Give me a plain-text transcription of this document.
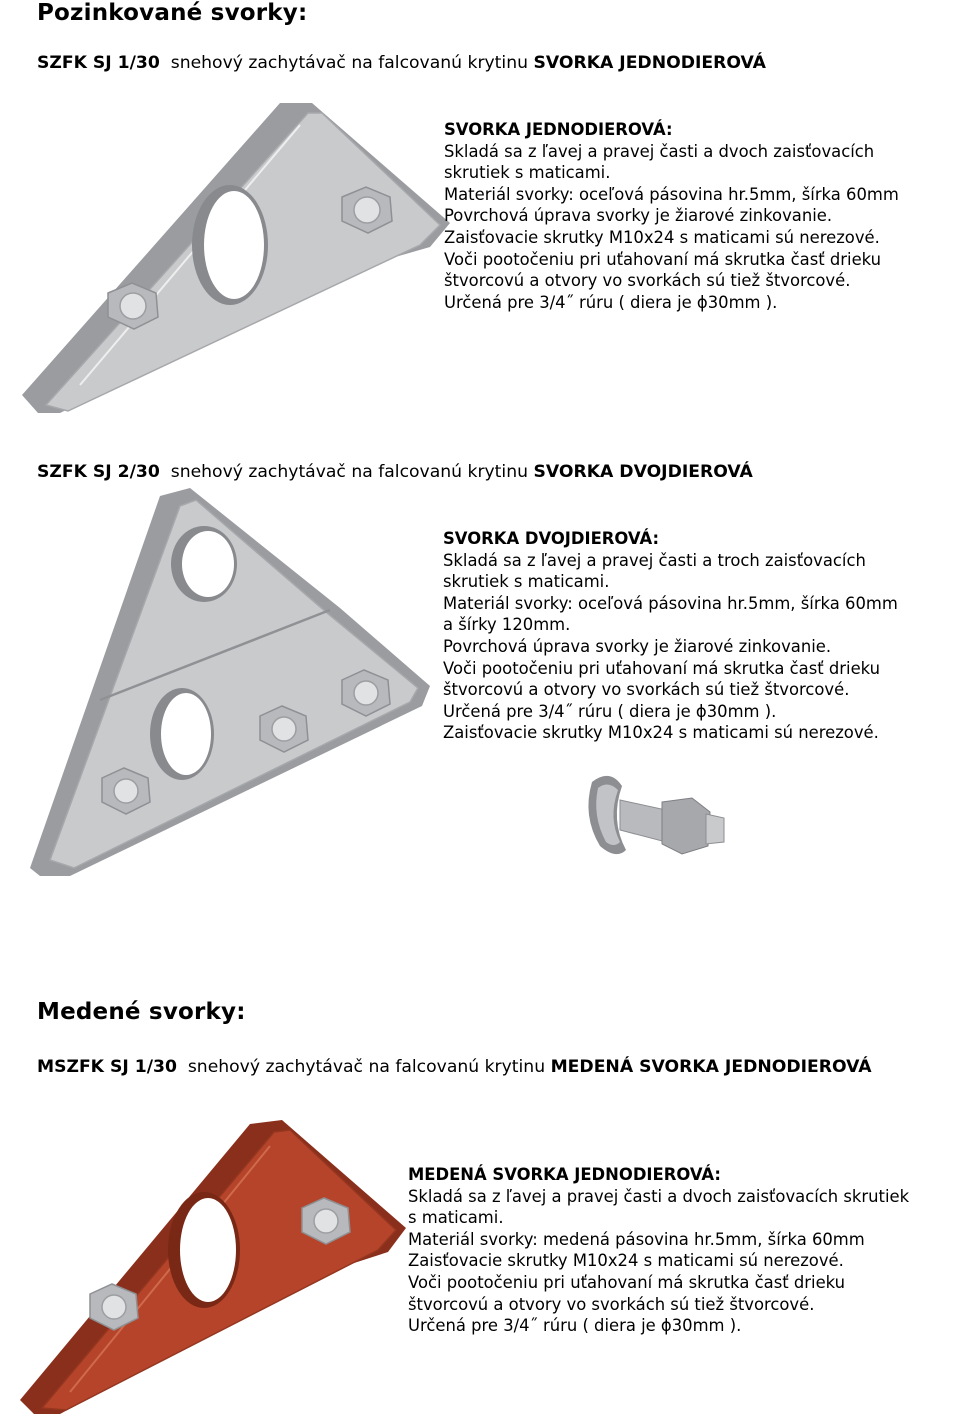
Pozinkované svorky:
SZFK SJ 1/30 snehový zachytávač na falcovanú krytinu SVORKA JEDNODIEROVÁ
SVORKA JEDNODIEROVÁ:
Skladá sa z ľavej a pravej časti a dvoch zaisťovacích
skrutiek s maticami.
Materiál svorky: oceľová pásovina hr.5mm, šírka 60mm
Povrchová úprava svorky je žiarové zinkovanie.
Zaisťovacie skrutky M10x24 s maticami sú nerezové.
Voči pootočeniu pri uťahovaní má skrutka časť drieku
štvorcovú a otvory vo svorkách sú tiež štvorcové.
Určená pre 3/4˝ rúru ( diera je ϕ30mm ).
SZFK SJ 2/30 snehový zachytávač na falcovanú krytinu SVORKA DVOJDIEROVÁ
SVORKA DVOJDIEROVÁ:
Skladá sa z ľavej a pravej časti a troch zaisťovacích
skrutiek s maticami.
Materiál svorky: oceľová pásovina hr.5mm, šírka 60mm
a šírky 120mm.
Povrchová úprava svorky je žiarové zinkovanie.
Voči pootočeniu pri uťahovaní má skrutka časť drieku
štvorcovú a otvory vo svorkách sú tiež štvorcové.
Určená pre 3/4˝ rúru ( diera je ϕ30mm ).
Zaisťovacie skrutky M10x24 s maticami sú nerezové.
Medené svorky:
MSZFK SJ 1/30 snehový zachytávač na falcovanú krytinu MEDENÁ SVORKA JEDNODIEROVÁ
MEDENÁ SVORKA JEDNODIEROVÁ:
Skladá sa z ľavej a pravej časti a dvoch zaisťovacích skrutiek
s maticami.
Materiál svorky: medená pásovina hr.5mm, šírka 60mm
Zaisťovacie skrutky M10x24 s maticami sú nerezové.
Voči pootočeniu pri uťahovaní má skrutka časť drieku
štvorcovú a otvory vo svorkách sú tiež štvorcové.
Určená pre 3/4˝ rúru ( diera je ϕ30mm ).
